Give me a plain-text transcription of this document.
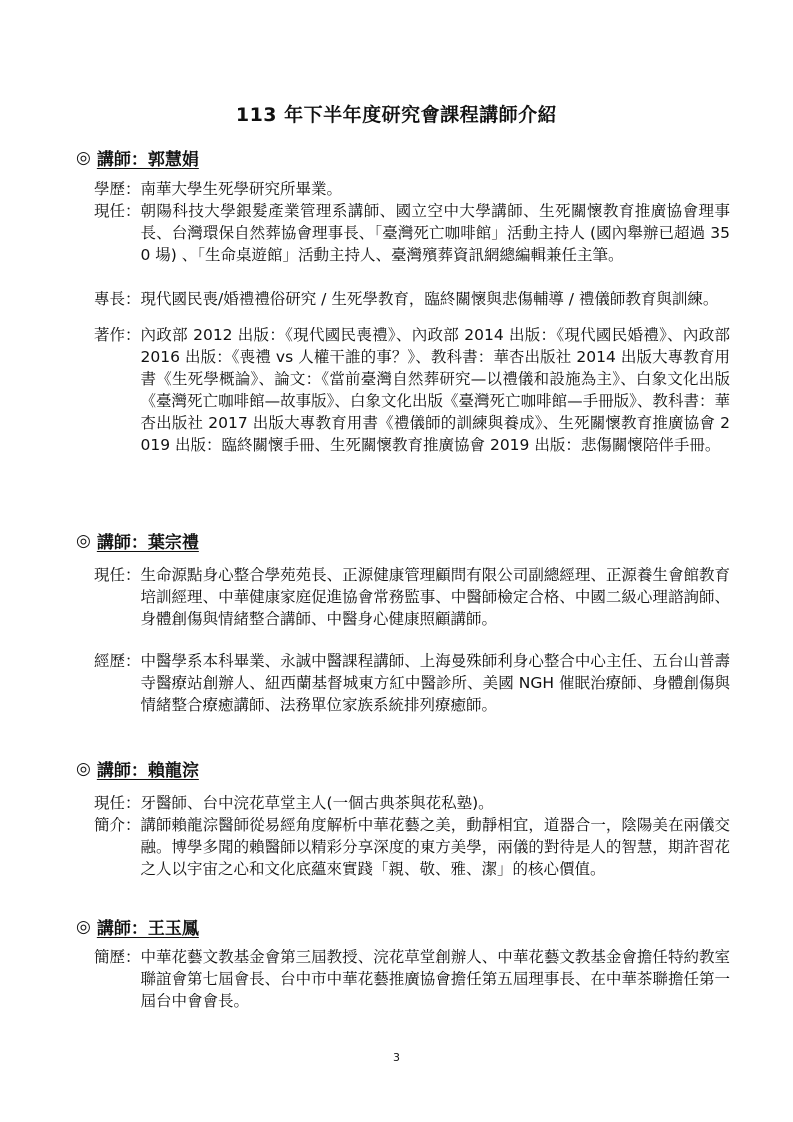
113 年下半年度研究會課程講師介紹
◎ 講師：郭慧娟
學歷： 南華大學生死學研究所畢業。
現任： 朝陽科技大學銀髮產業管理系講師、國立空中大學講師、生死關懷教育推廣協會理事長、台灣環保自然葬協會理事長、「臺灣死亡咖啡館」活動主持人 (國內舉辦已超過 350 場) 、「生命桌遊館」活動主持人、臺灣殯葬資訊網總編輯兼任主筆。
專長： 現代國民喪/婚禮禮俗研究 / 生死學教育，臨終關懷與悲傷輔導 / 禮儀師教育與訓練。
著作： 內政部 2012 出版：《現代國民喪禮》、內政部 2014 出版：《現代國民婚禮》、內政部 2016 出版：《喪禮 vs 人權干誰的事？》、教科書：華杏出版社 2014 出版大專教育用書《生死學概論》、論文：《當前臺灣自然葬研究—以禮儀和設施為主》、白象文化出版《臺灣死亡咖啡館—故事版》、白象文化出版《臺灣死亡咖啡館—手冊版》、教科書：華杏出版社 2017 出版大專教育用書《禮儀師的訓練與養成》、生死關懷教育推廣協會 2019 出版：臨終關懷手冊、生死關懷教育推廣協會 2019 出版：悲傷關懷陪伴手冊。
◎ 講師：葉宗禮
現任： 生命源點身心整合學苑苑長、正源健康管理顧問有限公司副總經理、正源養生會館教育培訓經理、中華健康家庭促進協會常務監事、中醫師檢定合格、中國二級心理諮詢師、身體創傷與情緒整合講師、中醫身心健康照顧講師。
經歷： 中醫學系本科畢業、永誠中醫課程講師、上海曼殊師利身心整合中心主任、五台山普壽寺醫療站創辦人、紐西蘭基督城東方紅中醫診所、美國 NGH 催眠治療師、身體創傷與情緒整合療癒講師、法務單位家族系統排列療癒師。
◎ 講師：賴龍淙
現任： 牙醫師、台中浣花草堂主人(一個古典茶與花私塾)。
簡介： 講師賴龍淙醫師從易經角度解析中華花藝之美，動靜相宜，道器合一，陰陽美在兩儀交融。博學多聞的賴醫師以精彩分享深度的東方美學，兩儀的對待是人的智慧，期許習花之人以宇宙之心和文化底蘊來實踐「親、敬、雅、潔」的核心價值。
◎ 講師：王玉鳳
簡歷： 中華花藝文教基金會第三屆教授、浣花草堂創辦人、中華花藝文教基金會擔任特約教室聯誼會第七屆會長、台中市中華花藝推廣協會擔任第五屆理事長、在中華茶聯擔任第一屆台中會會長。
3
